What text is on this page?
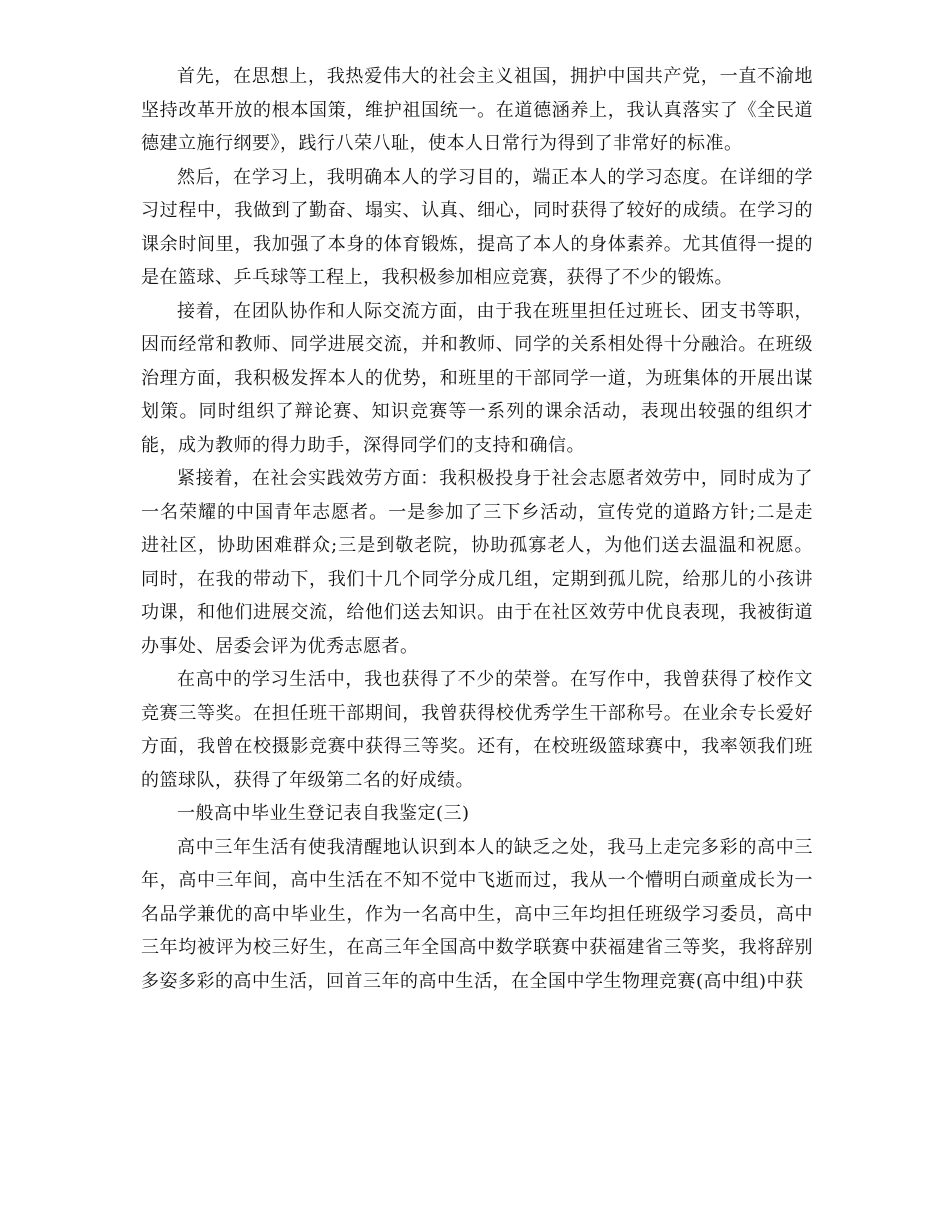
首先，在思想上，我热爱伟大的社会主义祖国，拥护中国共产党，一直不渝地坚持改革开放的根本国策，维护祖国统一。在道德涵养上，我认真落实了《全民道德建立施行纲要》，践行八荣八耻，使本人日常行为得到了非常好的标准。

然后，在学习上，我明确本人的学习目的，端正本人的学习态度。在详细的学习过程中，我做到了勤奋、塌实、认真、细心，同时获得了较好的成绩。在学习的课余时间里，我加强了本身的体育锻炼，提高了本人的身体素养。尤其值得一提的是在篮球、乒乓球等工程上，我积极参加相应竞赛，获得了不少的锻炼。

接着，在团队协作和人际交流方面，由于我在班里担任过班长、团支书等职，因而经常和教师、同学进展交流，并和教师、同学的关系相处得十分融洽。在班级治理方面，我积极发挥本人的优势，和班里的干部同学一道，为班集体的开展出谋划策。同时组织了辩论赛、知识竞赛等一系列的课余活动，表现出较强的组织才能，成为教师的得力助手，深得同学们的支持和确信。

紧接着，在社会实践效劳方面：我积极投身于社会志愿者效劳中，同时成为了一名荣耀的中国青年志愿者。一是参加了三下乡活动，宣传党的道路方针;二是走进社区，协助困难群众;三是到敬老院，协助孤寡老人，为他们送去温温和祝愿。同时，在我的带动下，我们十几个同学分成几组，定期到孤儿院，给那儿的小孩讲功课，和他们进展交流，给他们送去知识。由于在社区效劳中优良表现，我被街道办事处、居委会评为优秀志愿者。

在高中的学习生活中，我也获得了不少的荣誉。在写作中，我曾获得了校作文竞赛三等奖。在担任班干部期间，我曾获得校优秀学生干部称号。在业余专长爱好方面，我曾在校摄影竞赛中获得三等奖。还有，在校班级篮球赛中，我率领我们班的篮球队，获得了年级第二名的好成绩。

一般高中毕业生登记表自我鉴定(三)

高中三年生活有使我清醒地认识到本人的缺乏之处，我马上走完多彩的高中三年，高中三年间，高中生活在不知不觉中飞逝而过，我从一个懵明白顽童成长为一名品学兼优的高中毕业生，作为一名高中生，高中三年均担任班级学习委员，高中三年均被评为校三好生，在高三年全国高中数学联赛中获福建省三等奖，我将辞别多姿多彩的高中生活，回首三年的高中生活，在全国中学生物理竞赛(高中组)中获
